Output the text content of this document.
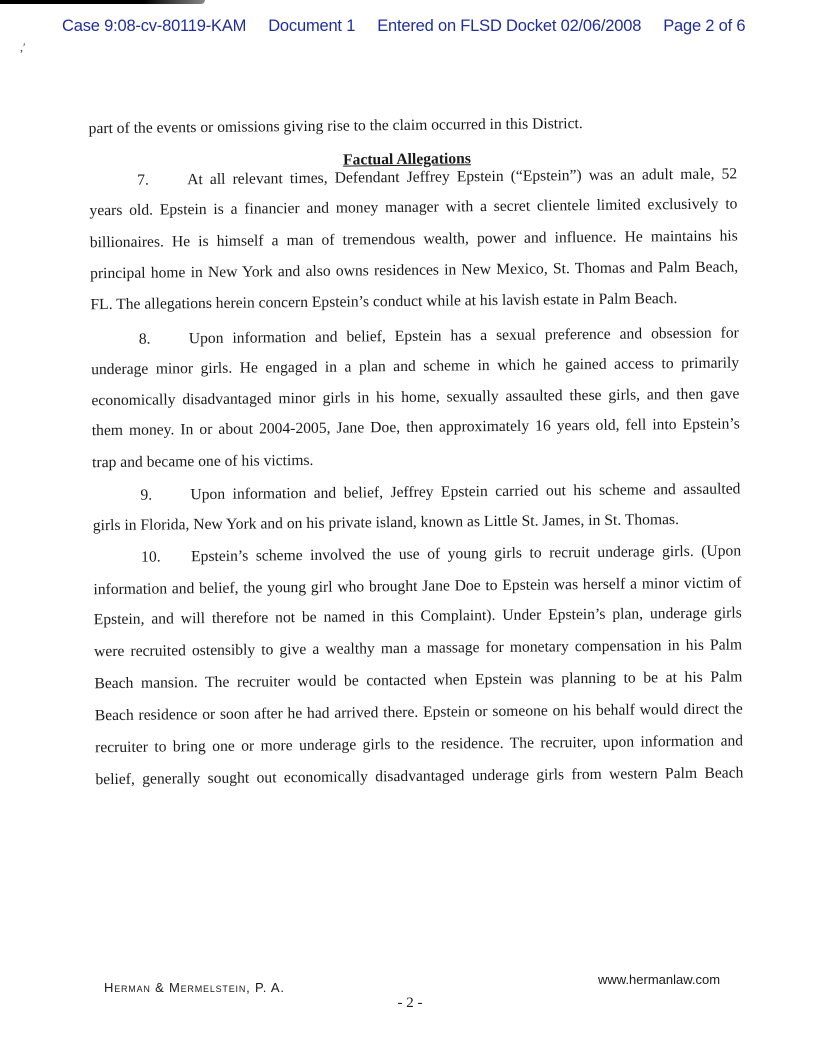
,′
Case 9:08-cv-80119-KAM Document 1 Entered on FLSD Docket 02/06/2008 Page 2 of 6
part of the events or omissions giving rise to the claim occurred in this District.
Factual Allegations
7. At all relevant times, Defendant Jeffrey Epstein (“Epstein”) was an adult male, 52
years old. Epstein is a financier and money manager with a secret clientele limited exclusively to
billionaires. He is himself a man of tremendous wealth, power and influence. He maintains his
principal home in New York and also owns residences in New Mexico, St. Thomas and Palm Beach,
FL. The allegations herein concern Epstein’s conduct while at his lavish estate in Palm Beach.
8. Upon information and belief, Epstein has a sexual preference and obsession for
underage minor girls. He engaged in a plan and scheme in which he gained access to primarily
economically disadvantaged minor girls in his home, sexually assaulted these girls, and then gave
them money. In or about 2004-2005, Jane Doe, then approximately 16 years old, fell into Epstein’s
trap and became one of his victims.
9. Upon information and belief, Jeffrey Epstein carried out his scheme and assaulted
girls in Florida, New York and on his private island, known as Little St. James, in St. Thomas.
10. Epstein’s scheme involved the use of young girls to recruit underage girls. (Upon
information and belief, the young girl who brought Jane Doe to Epstein was herself a minor victim of
Epstein, and will therefore not be named in this Complaint). Under Epstein’s plan, underage girls
were recruited ostensibly to give a wealthy man a massage for monetary compensation in his Palm
Beach mansion. The recruiter would be contacted when Epstein was planning to be at his Palm
Beach residence or soon after he had arrived there. Epstein or someone on his behalf would direct the
recruiter to bring one or more underage girls to the residence. The recruiter, upon information and
belief, generally sought out economically disadvantaged underage girls from western Palm Beach
Herman & Mermelstein, P. A.
www.hermanlaw.com
- 2 -
